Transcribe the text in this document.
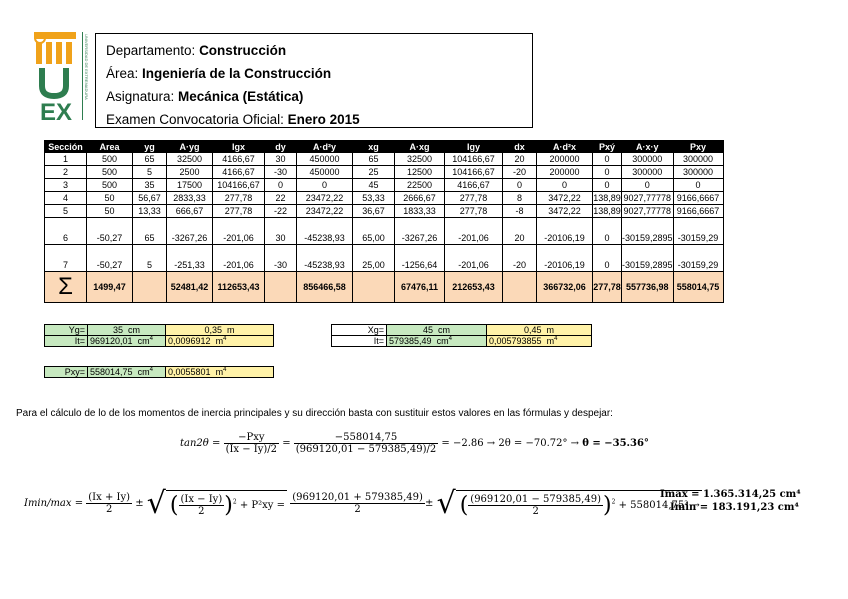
EX
UNIVERSIDAD DE EXTREMADURA Departamento: Construcción
Área: Ingeniería de la Construcción
Asignatura: Mecánica (Estática)
Examen Convocatoria Oficial: Enero 2015
Sección	Area	yg	A·yg	Igx	dy	A·d²y	xg	A·xg	Igy	dx	A·d²x	Pxý	A·x·y	Pxy
1	500	65	32500	4166,67	30	450000	65	32500	104166,67	20	200000	0	300000	300000
2	500	5	2500	4166,67	-30	450000	25	12500	104166,67	-20	200000	0	300000	300000
3	500	35	17500	104166,67	0	0	45	22500	4166,67	0	0	0	0	0
4	50	56,67	2833,33	277,78	22	23472,22	53,33	2666,67	277,78	8	3472,22	138,89	9027,77778	9166,6667
5	50	13,33	666,67	277,78	-22	23472,22	36,67	1833,33	277,78	-8	3472,22	138,89	9027,77778	9166,6667
6	-50,27	65	-3267,26	-201,06	30	-45238,93	65,00	-3267,26	-201,06	20	-20106,19	0	-30159,2895	-30159,29
7	-50,27	5	-251,33	-201,06	-30	-45238,93	25,00	-1256,64	-201,06	-20	-20106,19	0	-30159,2895	-30159,29
Σ	1499,47		52481,42	112653,43		856466,58		67476,11	212653,43		366732,06	277,78	557736,98	558014,75
Yg=	35 cm	0,35 m
It=	969120,01 $cm^4$	0,0096912 $m^4$
Xg=	45 cm	0,45 m
It=	579385,49 $cm^4$	0,005793855 $m^4$
Pxy=	558014,75 $cm^4$	0,0055801 $m^4$
Para el cálculo de lo de los momentos de inercia principales y su dirección basta con sustituir estos valores en las fórmulas y despejar:
$\tan 2\theta = \frac{\text{−Pxy}}{(Ix - Iy)/2} = \frac{-558014,75}{(969120,01 - 579385,49)/2} = -2.86 \to 2\theta = -70.72^\circ \to \theta = -35.36^\circ$
$Imin/\max = \frac{(Ix + Iy)}{2}$ ± √ ( $\frac{(Ix - Iy)}{2} )^2 + P^2xy = \frac{(969120,01 + 579385,49)}{2}$ ± √ ( $\frac{(969120,01 - 579385,49)}{2} )^2 + 558014,75^2$ →
Imax = 1.365.314,25 cm⁴
Imin = 183.191,23 cm⁴
